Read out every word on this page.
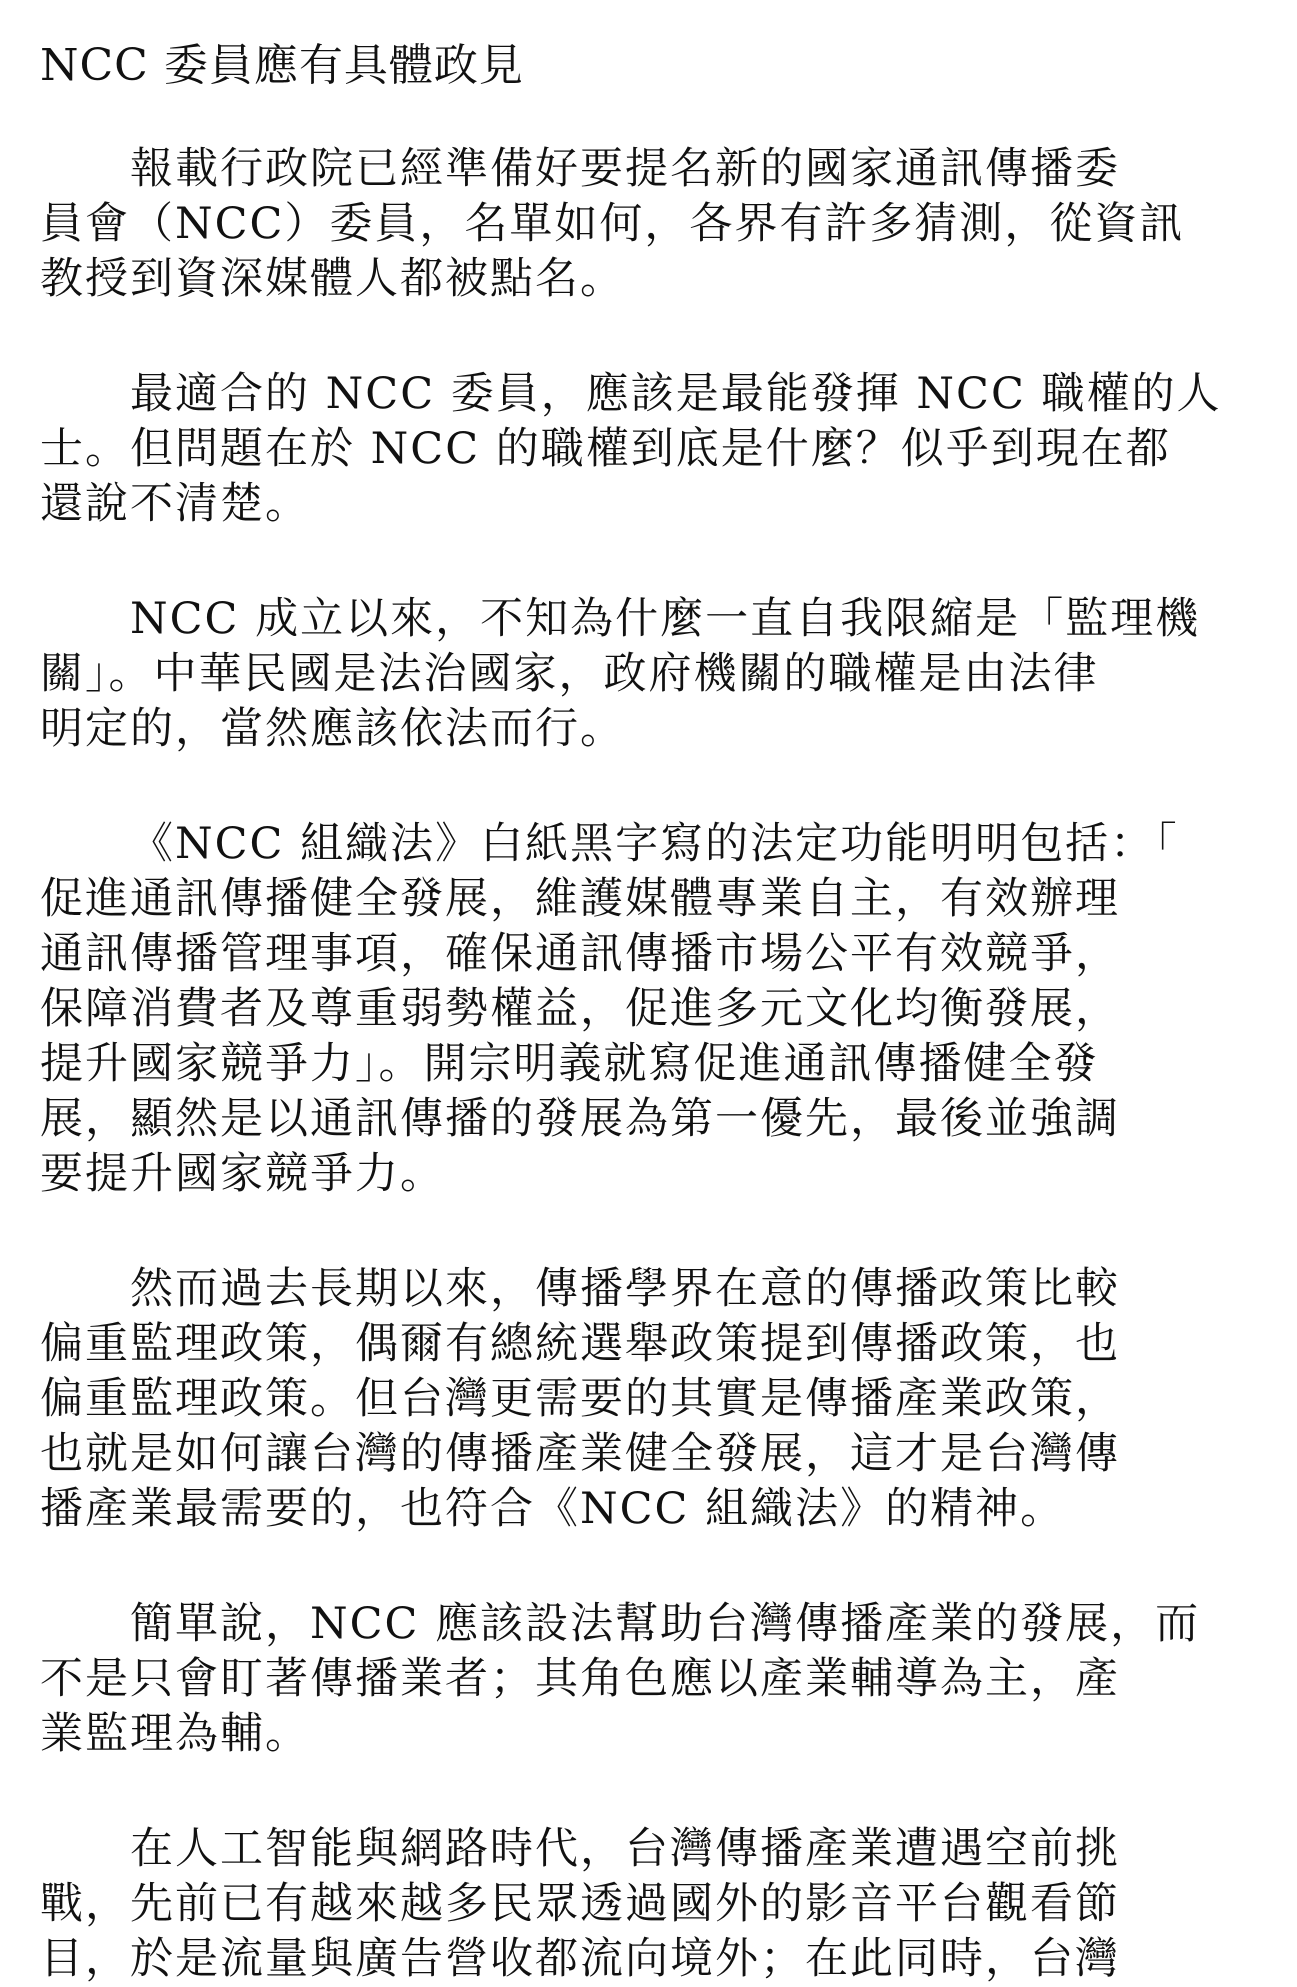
NCC 委員應有具體政見
報載行政院已經準備好要提名新的國家通訊傳播委
員會（NCC）委員，名單如何，各界有許多猜測，從資訊
教授到資深媒體人都被點名。
最適合的 NCC 委員，應該是最能發揮 NCC 職權的人
士。但問題在於 NCC 的職權到底是什麼？似乎到現在都
還說不清楚。
NCC 成立以來，不知為什麼一直自我限縮是「監理機
關」。中華民國是法治國家，政府機關的職權是由法律
明定的，當然應該依法而行。
《NCC 組織法》白紙黑字寫的法定功能明明包括：「
促進通訊傳播健全發展，維護媒體專業自主，有效辦理
通訊傳播管理事項，確保通訊傳播市場公平有效競爭，
保障消費者及尊重弱勢權益，促進多元文化均衡發展，
提升國家競爭力」。開宗明義就寫促進通訊傳播健全發
展，顯然是以通訊傳播的發展為第一優先，最後並強調
要提升國家競爭力。
然而過去長期以來，傳播學界在意的傳播政策比較
偏重監理政策，偶爾有總統選舉政策提到傳播政策，也
偏重監理政策。但台灣更需要的其實是傳播產業政策，
也就是如何讓台灣的傳播產業健全發展，這才是台灣傳
播產業最需要的，也符合《NCC 組織法》的精神。
簡單說，NCC 應該設法幫助台灣傳播產業的發展，而
不是只會盯著傳播業者；其角色應以產業輔導為主，產
業監理為輔。
在人工智能與網路時代，台灣傳播產業遭遇空前挑
戰，先前已有越來越多民眾透過國外的影音平台觀看節
目，於是流量與廣告營收都流向境外；在此同時，台灣
